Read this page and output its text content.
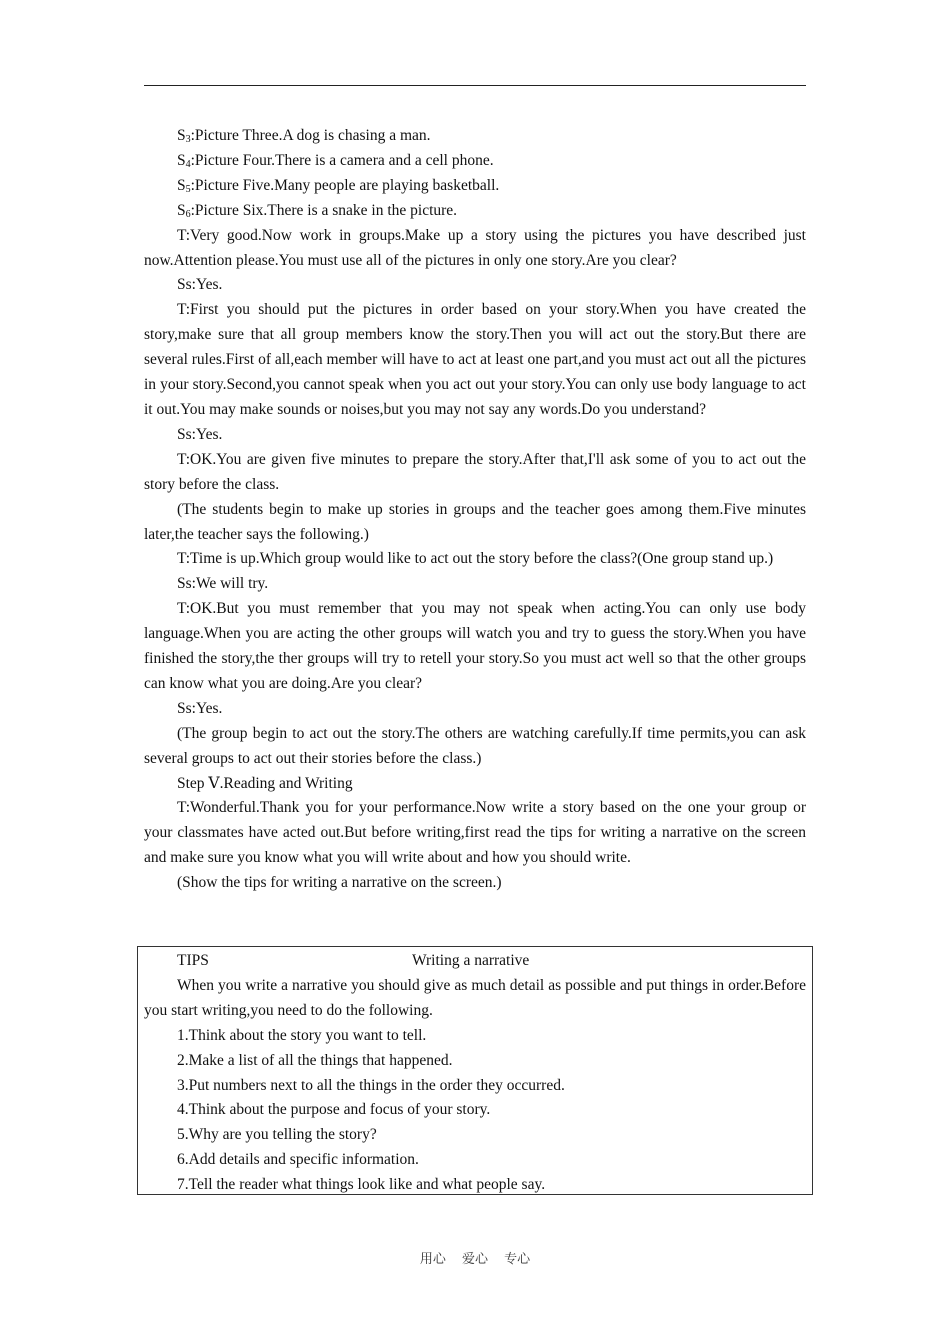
$S_3:Picture$ Three.A dog is chasing a man.

$S_4:Picture$ Four.There is a camera and a cell phone.

$S_5:Picture$ Five.Many people are playing basketball.

$S_6:Picture$ Six.There is a snake in the picture.

T:Very good.Now work in groups.Make up a story using the pictures you have described just now.Attention please.You must use all of the pictures in only one story.Are you clear?

Ss:Yes.

T:First you should put the pictures in order based on your story.When you have created the story,make sure that all group members know the story.Then you will act out the story.But there are several rules.First of all,each member will have to act at least one part,and you must act out all the pictures in your story.Second,you cannot speak when you act out your story.You can only use body language to act it out.You may make sounds or noises,but you may not say any words.Do you understand?

Ss:Yes.

T:OK.You are given five minutes to prepare the story.After that,I'll ask some of you to act out the story before the class.

(The students begin to make up stories in groups and the teacher goes among them.Five minutes later,the teacher says the following.)

T:Time is up.Which group would like to act out the story before the class?(One group stand up.)

Ss:We will try.

T:OK.But you must remember that you may not speak when acting.You can only use body language.When you are acting the other groups will watch you and try to guess the story.When you have finished the story,the ther groups will try to retell your story.So you must act well so that the other groups can know what you are doing.Are you clear?

Ss:Yes.

(The group begin to act out the story.The others are watching carefully.If time permits,you can ask several groups to act out their stories before the class.)

Step Ⅴ.Reading and Writing

T:Wonderful.Thank you for your performance.Now write a story based on the one your group or your classmates have acted out.But before writing,first read the tips for writing a narrative on the screen and make sure you know what you will write about and how you should write.

(Show the tips for writing a narrative on the screen.)

TIPS	Writing a narrative

When you write a narrative you should give as much detail as possible and put things in order.Before you start writing,you need to do the following.

1.Think about the story you want to tell.

2.Make a list of all the things that happened.

3.Put numbers next to all the things in the order they occurred.

4.Think about the purpose and focus of your story.

5.Why are you telling the story?

6.Add details and specific information.

7.Tell the reader what things look like and what people say.

用心 爱心 专心
